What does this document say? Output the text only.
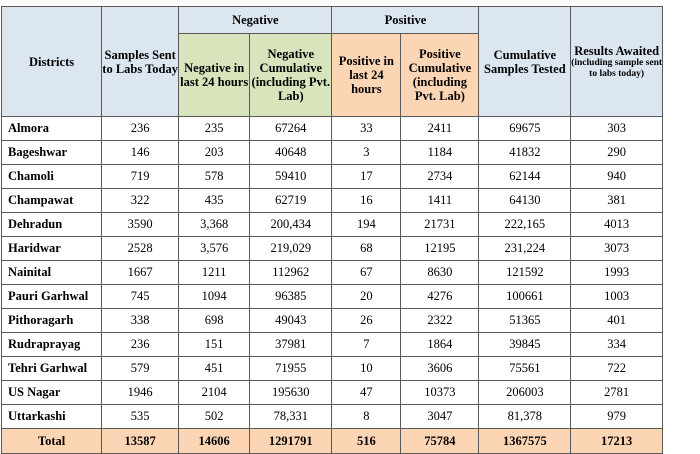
Districts	Samples Sent to Labs Today	Negative		Positive		Cumulative Samples Tested	Results Awaited
(including sample sent to labs today)

		Negative in last 24 hours	Negative Cumulative (including Pvt. Lab)	Positive in last 24 hours	Positive Cumulative (including Pvt. Lab)		
Almora	236	235	67264	33	2411	69675	303
Bageshwar	146	203	40648	3	1184	41832	290
Chamoli	719	578	59410	17	2734	62144	940
Champawat	322	435	62719	16	1411	64130	381
Dehradun	3590	3,368	200,434	194	21731	222,165	4013
Haridwar	2528	3,576	219,029	68	12195	231,224	3073
Nainital	1667	1211	112962	67	8630	121592	1993
Pauri Garhwal	745	1094	96385	20	4276	100661	1003
Pithoragarh	338	698	49043	26	2322	51365	401
Rudraprayag	236	151	37981	7	1864	39845	334
Tehri Garhwal	579	451	71955	10	3606	75561	722
US Nagar	1946	2104	195630	47	10373	206003	2781
Uttarkashi	535	502	78,331	8	3047	81,378	979
Total	13587	14606	1291791	516	75784	1367575	17213
